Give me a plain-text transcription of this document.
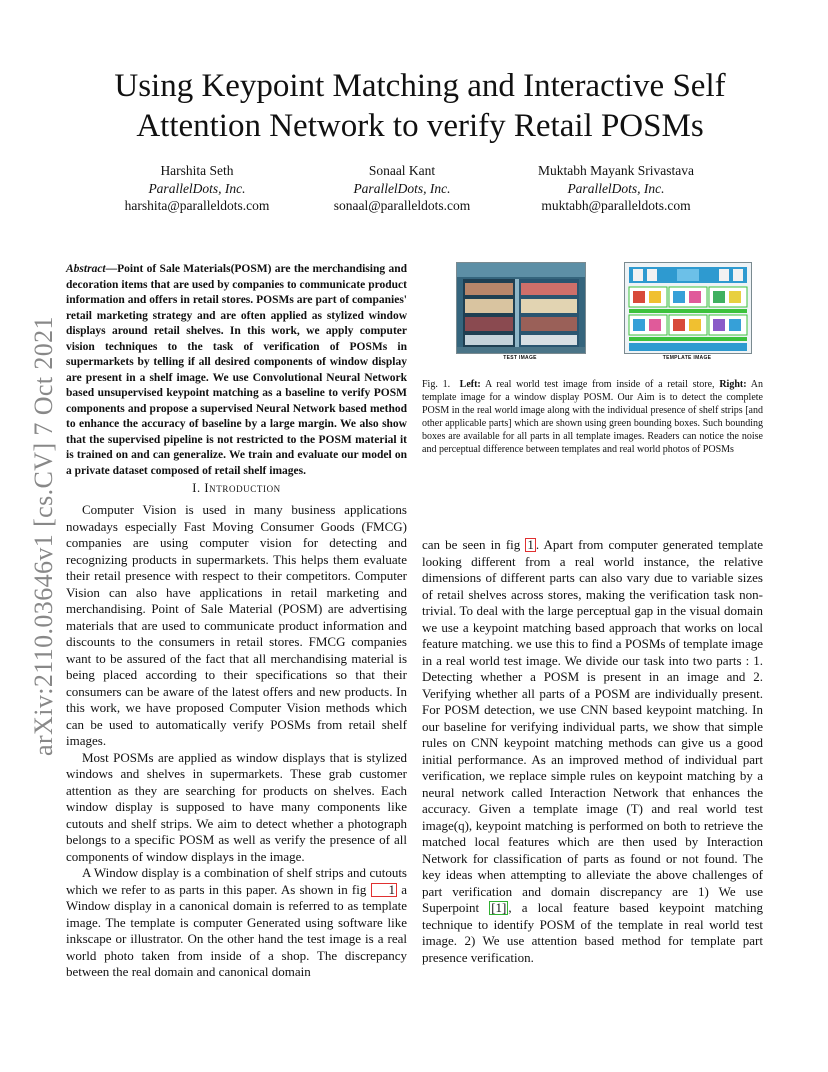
arXiv:2110.03646v1 [cs.CV] 7 Oct 2021
Using Keypoint Matching and Interactive Self Attention Network to verify Retail POSMs
Harshita Seth
ParallelDots, Inc.
harshita@paralleldots.com
Sonaal Kant
ParallelDots, Inc.
sonaal@paralleldots.com
Muktabh Mayank Srivastava
ParallelDots, Inc.
muktabh@paralleldots.com
Abstract—Point of Sale Materials(POSM) are the merchandising and decoration items that are used by companies to communicate product information and offers in retail stores. POSMs are part of companies' retail marketing strategy and are often applied as stylized window displays around retail shelves. In this work, we apply computer vision techniques to the task of verification of POSMs in supermarkets by telling if all desired components of window display are present in a shelf image. We use Convolutional Neural Network based unsupervised keypoint matching as a baseline to verify POSM components and propose a supervised Neural Network based method to enhance the accuracy of baseline by a large margin. We also show that the supervised pipeline is not restricted to the POSM material it is trained on and can generalize. We train and evaluate our model on a private dataset composed of retail shelf images.
TEST IMAGE	TEMPLATE IMAGE
Fig. 1. Left: A real world test image from inside of a retail store, Right: An template image for a window display POSM. Our Aim is to detect the complete POSM in the real world image along with the individual presence of shelf strips [and other applicable parts] which are shown using green bounding boxes. Such bounding boxes are available for all parts in all template images. Readers can notice the noise and perceptual difference between templates and real world photos of POSMs
I. Introduction

Computer Vision is used in many business applications nowadays especially Fast Moving Consumer Goods (FMCG) companies are using computer vision for detecting and recognizing products in supermarkets. This helps them evaluate their retail presence with respect to their competitors. Computer Vision can also have applications in retail marketing and merchandising. Point of Sale Material (POSM) are advertising materials that are used to communicate product information and discounts to the consumers in retail stores. FMCG companies want to be assured of the fact that all merchandising material is being placed according to their specifications so that their consumers can be aware of the latest offers and new products. In this work, we have proposed Computer Vision methods which can be used to automatically verify POSMs from retail shelf images.

Most POSMs are applied as window displays that is stylized windows and shelves in supermarkets. These grab customer attention as they are searching for products on shelves. Each window display is supposed to have many components like cutouts and shelf strips. We aim to detect whether a photograph belongs to a specific POSM as well as verify the presence of all components of window displays in the image.

A Window display is a combination of shelf strips and cutouts which we refer to as parts in this paper. As shown in fig 1 a Window display in a canonical domain is referred to as template image. The template is computer Generated using software like inkscape or illustrator. On the other hand the test image is a real world photo taken from inside of a shop. The discrepancy between the real domain and canonical domain

can be seen in fig 1 . Apart from computer generated template looking different from a real world instance, the relative dimensions of different parts can also vary due to variable sizes of retail shelves across stores, making the verification task non-trivial. To deal with the large perceptual gap in the visual domain we use a keypoint matching based approach that works on local feature matching. we use this to find a POSMs of template image in a real world test image. We divide our task into two parts : 1. Detecting whether a POSM is present in an image and 2. Verifying whether all parts of a POSM are individually present. For POSM detection, we use CNN based keypoint matching. In our baseline for verifying individual parts, we show that simple rules on CNN keypoint matching methods can give us a good initial performance. As an improved method of individual part verification, we replace simple rules on keypoint matching by a neural network called Interaction Network that enhances the accuracy. Given a template image (T) and real world test image(q), keypoint matching is performed on both to retrieve the matched local features which are then used by Interaction Network for classification of parts as found or not found. The key ideas when attempting to alleviate the above challenges of part verification and domain discrepancy are 1) We use Superpoint [1] , a local feature based keypoint matching technique to identify POSM of the template in real world test image. 2) We use attention based method for template part presence verification.
